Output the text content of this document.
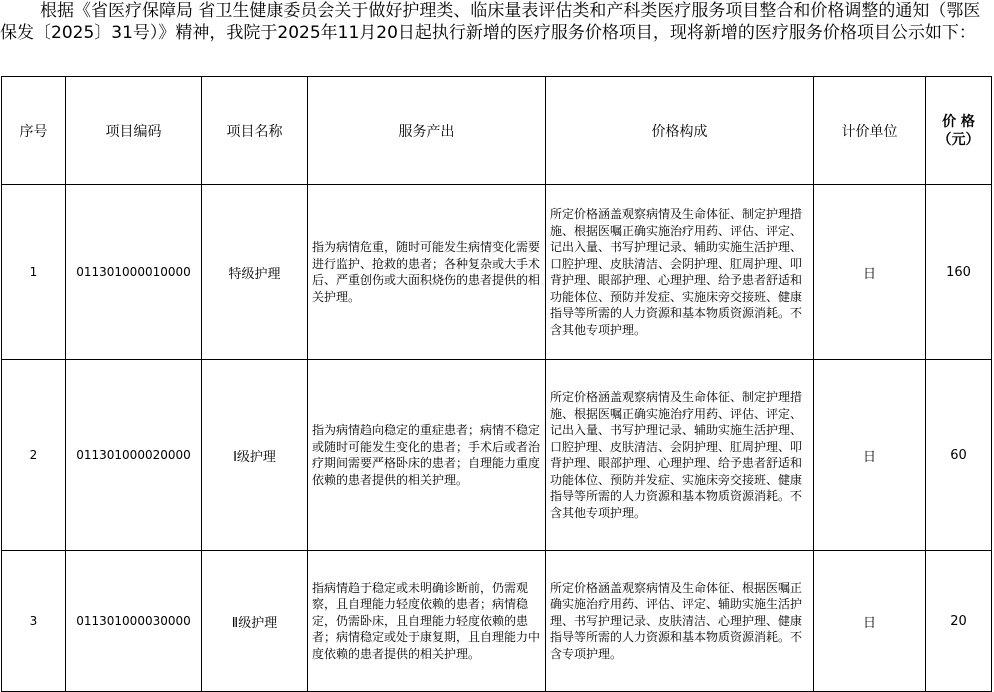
根据《省医疗保障局 省卫生健康委员会关于做好护理类、临床量表评估类和产科类医疗服务项目整合和价格调整的通知（鄂医保发〔2025〕31号）》精神，我院于2025年11月20日起执行新增的医疗服务价格项目，现将新增的医疗服务价格项目公示如下：

序号	项目编码	项目名称	服务产出	价格构成	计价单位	价 格
（元）

1	011301000010000	特级护理	指为病情危重，随时可能发生病情变化需要进行监护、抢救的患者；各种复杂或大手术后、严重创伤或大面积烧伤的患者提供的相关护理。	所定价格涵盖观察病情及生命体征、制定护理措施、根据医嘱正确实施治疗用药、评估、评定、记出入量、书写护理记录、辅助实施生活护理、口腔护理、皮肤清洁、会阴护理、肛周护理、叩背护理、眼部护理、心理护理、给予患者舒适和功能体位、预防并发症、实施床旁交接班、健康指导等所需的人力资源和基本物质资源消耗。不含其他专项护理。	日	160
2	011301000020000	Ⅰ级护理	指为病情趋向稳定的重症患者；病情不稳定或随时可能发生变化的患者；手术后或者治疗期间需要严格卧床的患者；自理能力重度依赖的患者提供的相关护理。	所定价格涵盖观察病情及生命体征、制定护理措施、根据医嘱正确实施治疗用药、评估、评定、记出入量、书写护理记录、辅助实施生活护理、口腔护理、皮肤清洁、会阴护理、肛周护理、叩背护理、眼部护理、心理护理、给予患者舒适和功能体位、预防并发症、实施床旁交接班、健康指导等所需的人力资源和基本物质资源消耗。不含其他专项护理。	日	60
3	011301000030000	Ⅱ级护理	指病情趋于稳定或未明确诊断前，仍需观察，且自理能力轻度依赖的患者；病情稳定，仍需卧床，且自理能力轻度依赖的患者；病情稳定或处于康复期，且自理能力中度依赖的患者提供的相关护理。	所定价格涵盖观察病情及生命体征、根据医嘱正确实施治疗用药、评估、评定、辅助实施生活护理、书写护理记录、皮肤清洁、心理护理、健康指导等所需的人力资源和基本物质资源消耗。不含专项护理。	日	20
